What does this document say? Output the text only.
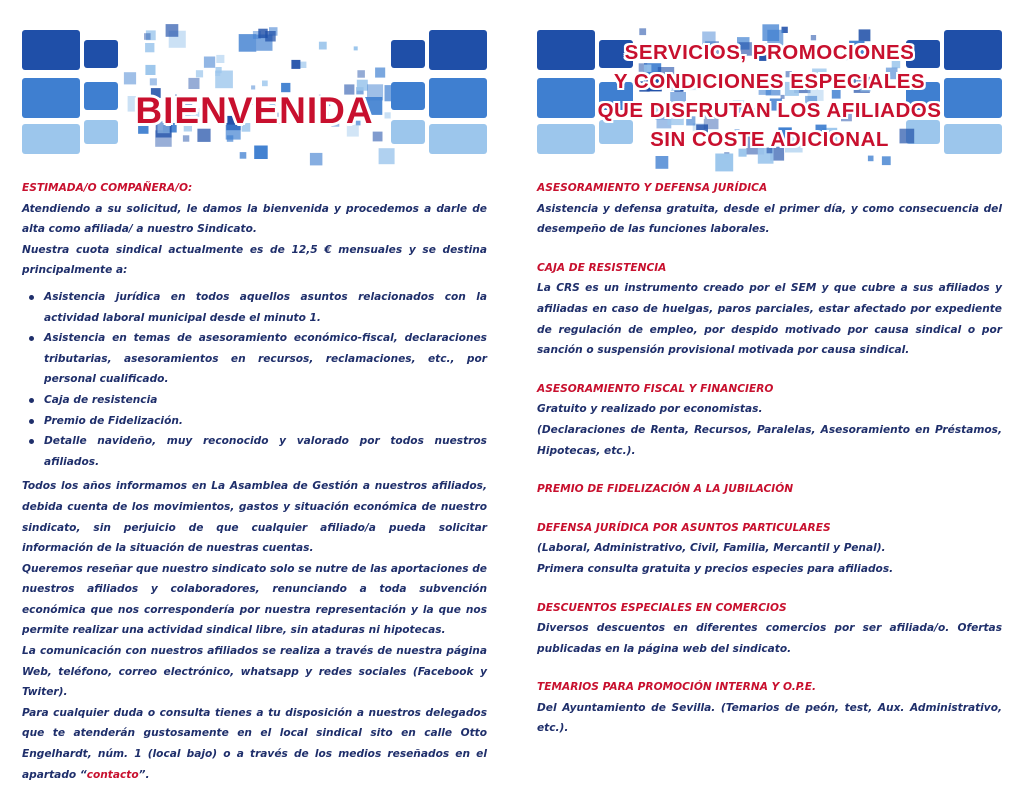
BIENVENIDA
ESTIMADA/O COMPAÑERA/O:
Atendiendo a su solicitud, le damos la bienvenida y procedemos a darle de alta como afiliada/ a nuestro Sindicato.
Nuestra cuota sindical actualmente es de 12,5 € mensuales y se destina principalmente a:
Asistencia jurídica en todos aquellos asuntos relacionados con la actividad laboral municipal desde el minuto 1.
Asistencia en temas de asesoramiento económico-fiscal, declaraciones tributarias, asesoramientos en recursos, reclamaciones, etc., por personal cualificado.
Caja de resistencia
Premio de Fidelización.
Detalle navideño, muy reconocido y valorado por todos nuestros afiliados.
Todos los años informamos en La Asamblea de Gestión a nuestros afiliados, debida cuenta de los movimientos, gastos y situación económica de nuestro sindicato, sin perjuicio de que cualquier afiliado/a pueda solicitar información de la situación de nuestras cuentas.
Queremos reseñar que nuestro sindicato solo se nutre de las aportaciones de nuestros afiliados y colaboradores, renunciando a toda subvención económica que nos correspondería por nuestra representación y la que nos permite realizar una actividad sindical libre, sin ataduras ni hipotecas.
La comunicación con nuestros afiliados se realiza a través de nuestra página Web, teléfono, correo electrónico, whatsapp y redes sociales (Facebook y Twiter).
Para cualquier duda o consulta tienes a tu disposición a nuestros delegados que te atenderán gustosamente en el local sindical sito en calle Otto Engelhardt, núm. 1 (local bajo) o a través de los medios reseñados en el apartado “contacto”.
SERVICIOS, PROMOCIONES
Y CONDICIONES ESPECIALES
QUE DISFRUTAN LOS AFILIADOS
SIN COSTE ADICIONAL
ASESORAMIENTO Y DEFENSA JURÍDICA
Asistencia y defensa gratuita, desde el primer día, y como consecuencia del desempeño de las funciones laborales.
CAJA DE RESISTENCIA
La CRS es un instrumento creado por el SEM y que cubre a sus afiliados y afiliadas en caso de huelgas, paros parciales, estar afectado por expediente de regulación de empleo, por despido motivado por causa sindical o por sanción o suspensión provisional motivada por causa sindical.
ASESORAMIENTO FISCAL Y FINANCIERO
Gratuito y realizado por economistas.
(Declaraciones de Renta, Recursos, Paralelas, Asesoramiento en Préstamos, Hipotecas, etc.).
PREMIO DE FIDELIZACIÓN A LA JUBILACIÓN
DEFENSA JURÍDICA POR ASUNTOS PARTICULARES
(Laboral, Administrativo, Civil, Familia, Mercantil y Penal).
Primera consulta gratuita y precios especies para afiliados.
DESCUENTOS ESPECIALES EN COMERCIOS
Diversos descuentos en diferentes comercios por ser afiliada/o. Ofertas publicadas en la página web del sindicato.
TEMARIOS PARA PROMOCIÓN INTERNA Y O.P.E.
Del Ayuntamiento de Sevilla. (Temarios de peón, test, Aux. Administrativo, etc.).
